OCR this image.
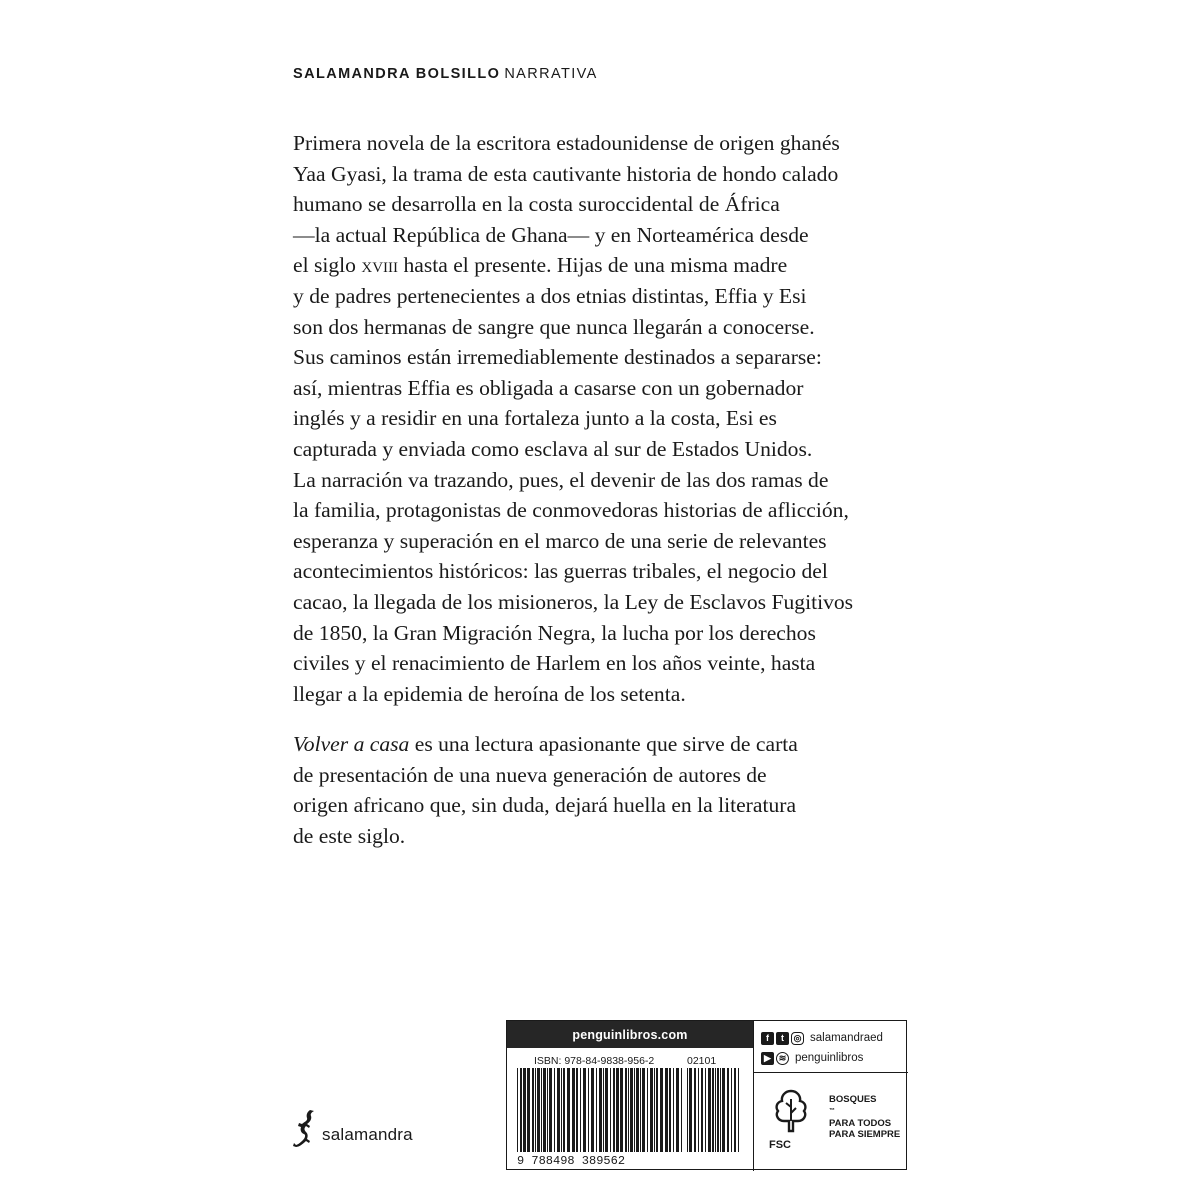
SALAMANDRA BOLSILLO NARRATIVA

Primera novela de la escritora estadounidense de origen ghanés
Yaa Gyasi, la trama de esta cautivante historia de hondo calado
humano se desarrolla en la costa suroccidental de África
—la actual República de Ghana— y en Norteamérica desde
el siglo xviii hasta el presente. Hijas de una misma madre
y de padres pertenecientes a dos etnias distintas, Effia y Esi
son dos hermanas de sangre que nunca llegarán a conocerse.
Sus caminos están irremediablemente destinados a separarse:
así, mientras Effia es obligada a casarse con un gobernador
inglés y a residir en una fortaleza junto a la costa, Esi es
capturada y enviada como esclava al sur de Estados Unidos.
La narración va trazando, pues, el devenir de las dos ramas de
la familia, protagonistas de conmovedoras historias de aflicción,
esperanza y superación en el marco de una serie de relevantes
acontecimientos históricos: las guerras tribales, el negocio del
cacao, la llegada de los misioneros, la Ley de Esclavos Fugitivos
de 1850, la Gran Migración Negra, la lucha por los derechos
civiles y el renacimiento de Harlem en los años veinte, hasta
llegar a la epidemia de heroína de los setenta.

Volver a casa es una lectura apasionante que sirve de carta
de presentación de una nueva generación de autores de
origen africano que, sin duda, dejará huella en la literatura
de este siglo.

salamandra
penguinlibros.com
ISBN: 978-84-9838-956-2	02101
9 788498 389562
f	t	◎ salamandraed
▶ ≋ penguinlibros
FSC
BOSQUES
™
PARA TODOS
PARA SIEMPRE
